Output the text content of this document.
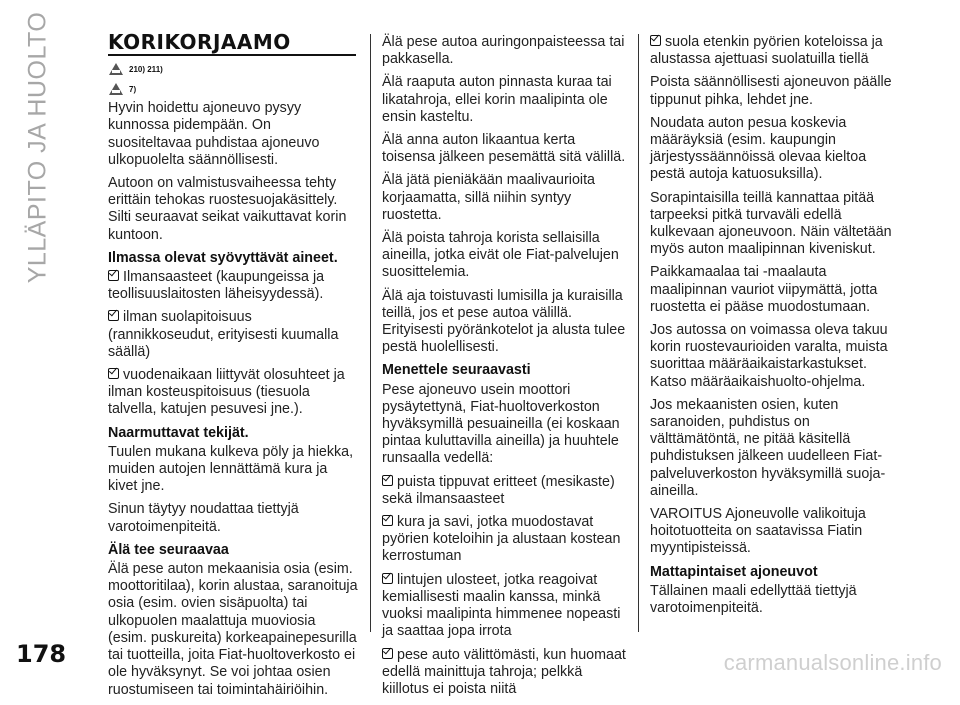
YLLÄPITO JA HUOLTO
178
KORIKORJAAMO
210) 211)
7)

Hyvin hoidettu ajoneuvo pysyy kunnossa pidempään. On suositeltavaa puhdistaa ajoneuvo ulkopuolelta säännöllisesti.

Autoon on valmistusvaiheessa tehty erittäin tehokas ruostesuojakäsittely. Silti seuraavat seikat vaikuttavat korin kuntoon.

Ilmassa olevat syövyttävät aineet.

Ilmansaasteet (kaupungeissa ja teollisuuslaitosten läheisyydessä).

ilman suolapitoisuus (rannikkoseudut, erityisesti kuumalla säällä)

vuodenaikaan liittyvät olosuhteet ja ilman kosteuspitoisuus (tiesuola talvella, katujen pesuvesi jne.).

Naarmuttavat tekijät.

Tuulen mukana kulkeva pöly ja hiekka, muiden autojen lennättämä kura ja kivet jne.

Sinun täytyy noudattaa tiettyjä varotoimenpiteitä.

Älä tee seuraavaa

Älä pese auton mekaanisia osia (esim. moottoritilaa), korin alustaa, saranoituja osia (esim. ovien sisäpuolta) tai ulkopuolen maalattuja muoviosia (esim. puskureita) korkeapainepesurilla tai tuotteilla, joita Fiat-huoltoverkosto ei ole hyväksynyt. Se voi johtaa osien ruostumiseen tai toimintahäiriöihin.

Älä pese autoa auringonpaisteessa tai pakkasella.

Älä raaputa auton pinnasta kuraa tai likatahroja, ellei korin maalipinta ole ensin kasteltu.

Älä anna auton likaantua kerta toisensa jälkeen pesemättä sitä välillä.

Älä jätä pieniäkään maalivaurioita korjaamatta, sillä niihin syntyy ruostetta.

Älä poista tahroja korista sellaisilla aineilla, jotka eivät ole Fiat-palvelujen suosittelemia.

Älä aja toistuvasti lumisilla ja kuraisilla teillä, jos et pese autoa välillä. Erityisesti pyöränkotelot ja alusta tulee pestä huolellisesti.

Menettele seuraavasti

Pese ajoneuvo usein moottori pysäytettynä, Fiat-huoltoverkoston hyväksymillä pesuaineilla (ei koskaan pintaa kuluttavilla aineilla) ja huuhtele runsaalla vedellä:

puista tippuvat eritteet (mesikaste) sekä ilmansaasteet

kura ja savi, jotka muodostavat pyörien koteloihin ja alustaan kostean kerrostuman

lintujen ulosteet, jotka reagoivat kemiallisesti maalin kanssa, minkä vuoksi maalipinta himmenee nopeasti ja saattaa jopa irrota

pese auto välittömästi, kun huomaat edellä mainittuja tahroja; pelkkä kiillotus ei poista niitä

suola etenkin pyörien koteloissa ja alustassa ajettuasi suolatuilla tiellä

Poista säännöllisesti ajoneuvon päälle tippunut pihka, lehdet jne.

Noudata auton pesua koskevia määräyksiä (esim. kaupungin järjestyssäännöissä olevaa kieltoa pestä autoja katuosuksilla).

Sorapintaisilla teillä kannattaa pitää tarpeeksi pitkä turvaväli edellä kulkevaan ajoneuvoon. Näin vältetään myös auton maalipinnan kiveniskut.

Paikkamaalaa tai -maalauta maalipinnan vauriot viipymättä, jotta ruostetta ei pääse muodostumaan.

Jos autossa on voimassa oleva takuu korin ruostevaurioiden varalta, muista suorittaa määräaikaistarkastukset. Katso määräaikaishuolto-ohjelma.

Jos mekaanisten osien, kuten saranoiden, puhdistus on välttämätöntä, ne pitää käsitellä puhdistuksen jälkeen uudelleen Fiat-palveluverkoston hyväksymillä suoja-aineilla.

VAROITUS Ajoneuvolle valikoituja hoitotuotteita on saatavissa Fiatin myyntipisteissä.

Mattapintaiset ajoneuvot

Tällainen maali edellyttää tiettyjä varotoimenpiteitä.

carmanualsonline.info
